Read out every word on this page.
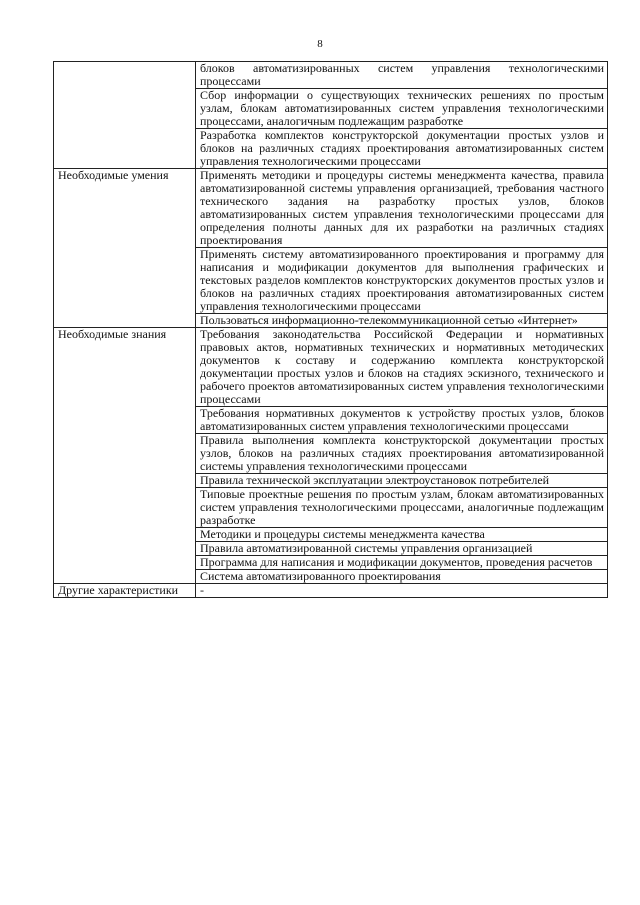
8
	блоков автоматизированных систем управления технологическими процессами
	Сбор информации о существующих технических решениях по простым узлам, блокам автоматизированных систем управления технологическими процессами, аналогичным подлежащим разработке
	Разработка комплектов конструкторской документации простых узлов и блоков на различных стадиях проектирования автоматизированных систем управления технологическими процессами
Необходимые умения	Применять методики и процедуры системы менеджмента качества, правила автоматизированной системы управления организацией, требования частного технического задания на разработку простых узлов, блоков автоматизированных систем управления технологическими процессами для определения полноты данных для их разработки на различных стадиях проектирования
	Применять систему автоматизированного проектирования и программу для написания и модификации документов для выполнения графических и текстовых разделов комплектов конструкторских документов простых узлов и блоков на различных стадиях проектирования автоматизированных систем управления технологическими процессами
	Пользоваться информационно-телекоммуникационной сетью «Интернет»
Необходимые знания	Требования законодательства Российской Федерации и нормативных правовых актов, нормативных технических и нормативных методических документов к составу и содержанию комплекта конструкторской документации простых узлов и блоков на стадиях эскизного, технического и рабочего проектов автоматизированных систем управления технологическими процессами
	Требования нормативных документов к устройству простых узлов, блоков автоматизированных систем управления технологическими процессами
	Правила выполнения комплекта конструкторской документации простых узлов, блоков на различных стадиях проектирования автоматизированной системы управления технологическими процессами
	Правила технической эксплуатации электроустановок потребителей
	Типовые проектные решения по простым узлам, блокам автоматизированных систем управления технологическими процессами, аналогичные подлежащим разработке
	Методики и процедуры системы менеджмента качества
	Правила автоматизированной системы управления организацией
	Программа для написания и модификации документов, проведения расчетов
	Система автоматизированного проектирования
Другие характеристики	-
